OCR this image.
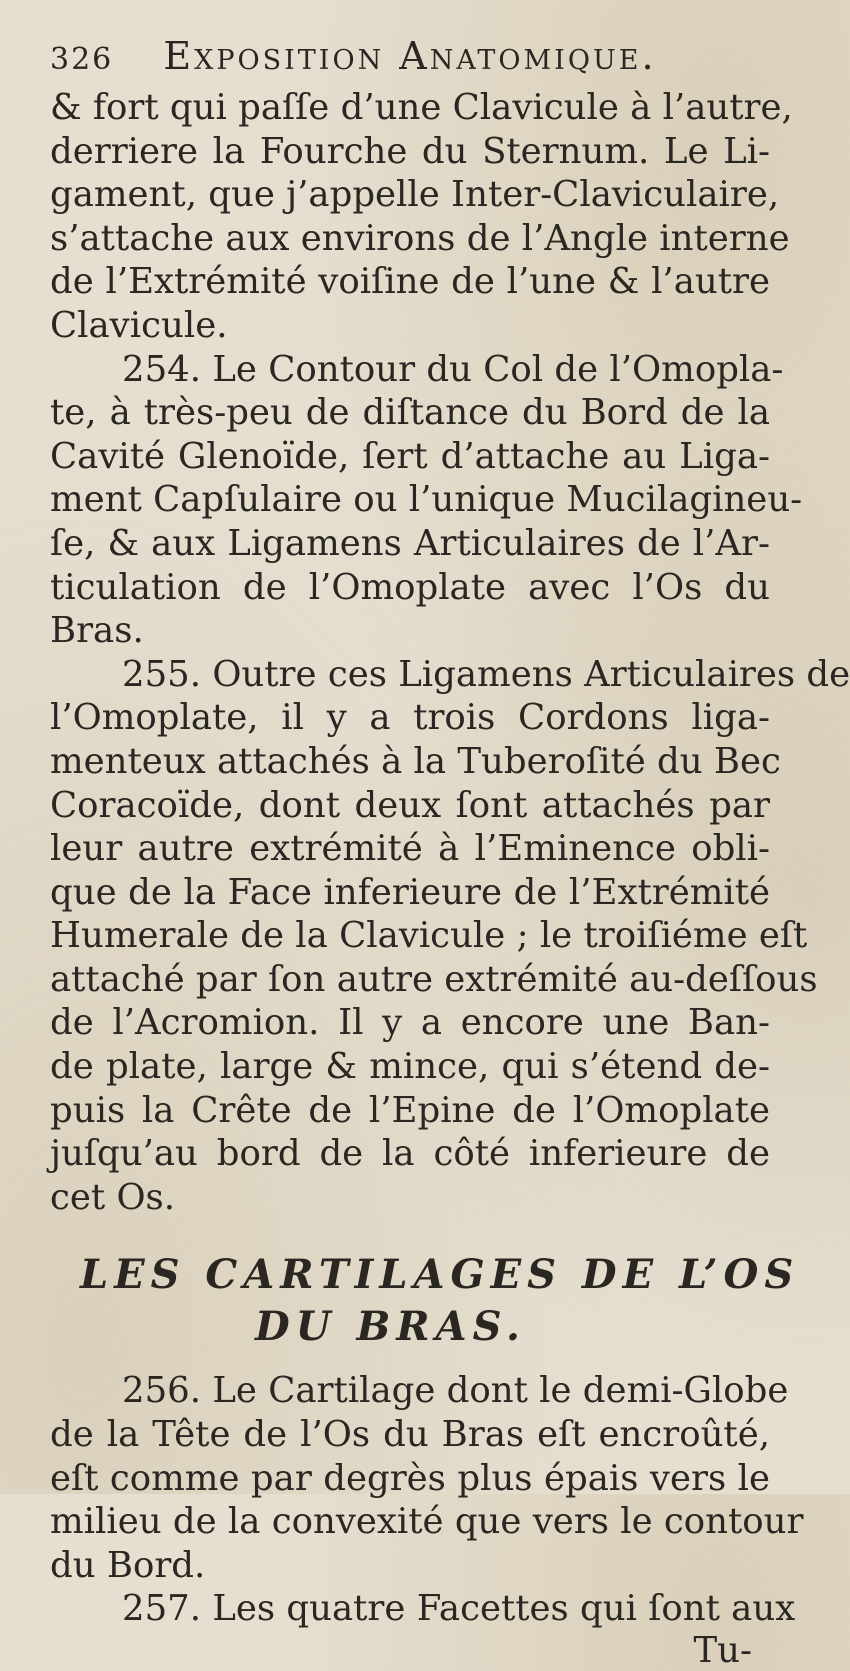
326 Exposition Anatomique.
& fort qui paſſe d’une Clavicule à l’autre,
derriere la Fourche du Sternum. Le Li-
gament, que j’appelle Inter-Claviculaire,
s’attache aux environs de l’Angle interne
de l’Extrémité voiſine de l’une & l’autre
Clavicule.
254. Le Contour du Col de l’Omopla-
te, à très-peu de diſtance du Bord de la
Cavité Glenoïde, ſert d’attache au Liga-
ment Capſulaire ou l’unique Mucilagineu-
ſe, & aux Ligamens Articulaires de l’Ar-
ticulation de l’Omoplate avec l’Os du
Bras.
255. Outre ces Ligamens Articulaires de
l’Omoplate, il y a trois Cordons liga-
menteux attachés à la Tuberoſité du Bec
Coracoïde, dont deux ſont attachés par
leur autre extrémité à l’Eminence obli-
que de la Face inferieure de l’Extrémité
Humerale de la Clavicule ; le troiſiéme eſt
attaché par ſon autre extrémité au-deſſous
de l’Acromion. Il y a encore une Ban-
de plate, large & mince, qui s’étend de-
puis la Crête de l’Epine de l’Omoplate
juſqu’au bord de la côté inferieure de
cet Os.
LES CARTILAGES DE L’OS
DU BRAS.
256. Le Cartilage dont le demi-Globe
de la Tête de l’Os du Bras eſt encroûté,
eſt comme par degrès plus épais vers le
milieu de la convexité que vers le contour
du Bord.
257. Les quatre Facettes qui ſont aux
Tu-
